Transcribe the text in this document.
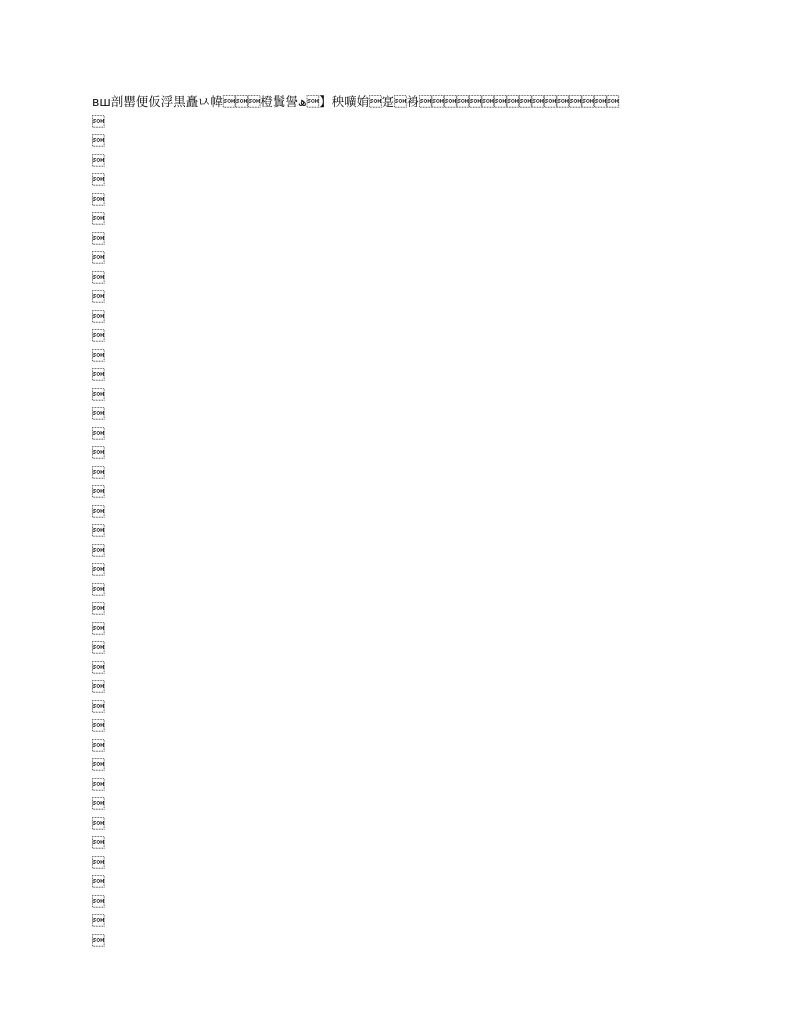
вш剖罌便仮浮黒矗ㅧ幃橙鬒諐ھ】秧嚝姢寔裑











































